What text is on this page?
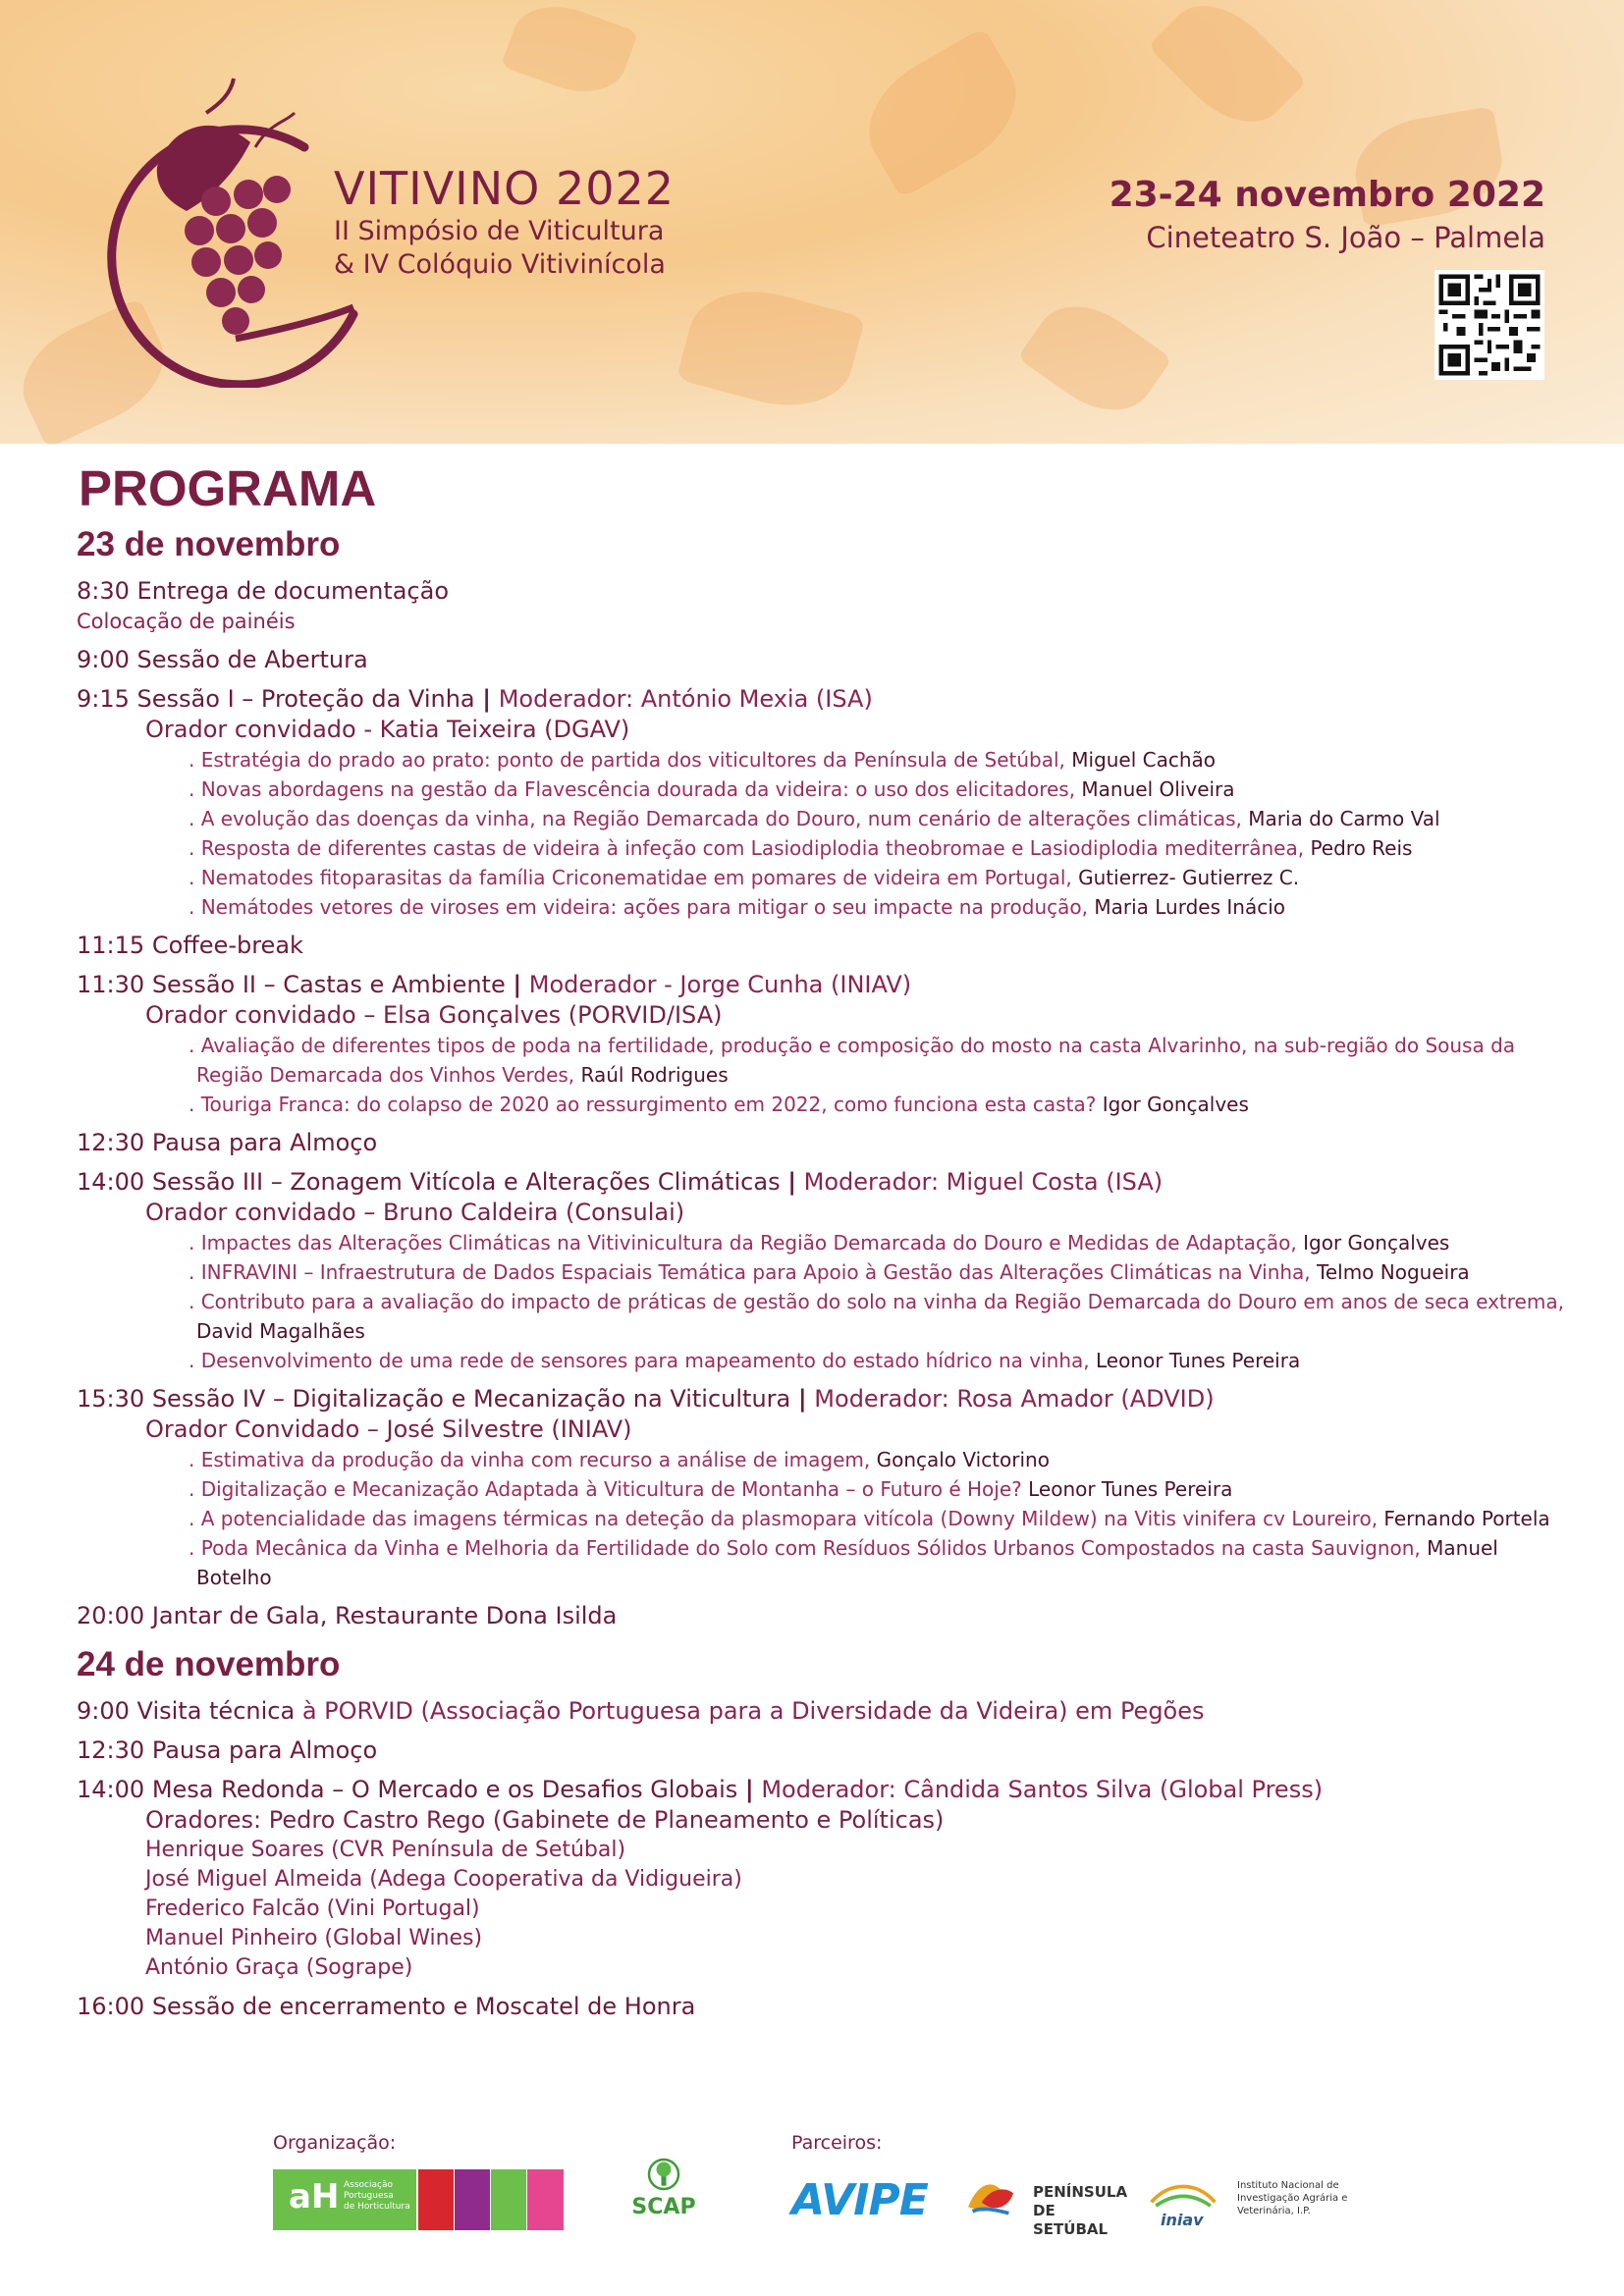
VITIVINO 2022
II Simpósio de Viticultura
& IV Colóquio Vitivinícola
23-24 novembro 2022
Cineteatro S. João – Palmela
PROGRAMA
23 de novembro
8:30 Entrega de documentação
Colocação de painéis
9:00 Sessão de Abertura
9:15 Sessão I – Proteção da Vinha | Moderador: António Mexia (ISA)
Orador convidado - Katia Teixeira (DGAV)
. Estratégia do prado ao prato: ponto de partida dos viticultores da Península de Setúbal, Miguel Cachão
. Novas abordagens na gestão da Flavescência dourada da videira: o uso dos elicitadores, Manuel Oliveira
. A evolução das doenças da vinha, na Região Demarcada do Douro, num cenário de alterações climáticas, Maria do Carmo Val
. Resposta de diferentes castas de videira à infeção com Lasiodiplodia theobromae e Lasiodiplodia mediterrânea, Pedro Reis
. Nematodes fitoparasitas da família Criconematidae em pomares de videira em Portugal, Gutierrez- Gutierrez C.
. Nemátodes vetores de viroses em videira: ações para mitigar o seu impacte na produção, Maria Lurdes Inácio
11:15 Coffee-break
11:30 Sessão II – Castas e Ambiente | Moderador - Jorge Cunha (INIAV)
Orador convidado – Elsa Gonçalves (PORVID/ISA)
. Avaliação de diferentes tipos de poda na fertilidade, produção e composição do mosto na casta Alvarinho, na sub-região do Sousa da Região Demarcada dos Vinhos Verdes, Raúl Rodrigues
. Touriga Franca: do colapso de 2020 ao ressurgimento em 2022, como funciona esta casta? Igor Gonçalves
12:30 Pausa para Almoço
14:00 Sessão III – Zonagem Vitícola e Alterações Climáticas | Moderador: Miguel Costa (ISA)
Orador convidado – Bruno Caldeira (Consulai)
. Impactes das Alterações Climáticas na Vitivinicultura da Região Demarcada do Douro e Medidas de Adaptação, Igor Gonçalves
. INFRAVINI – Infraestrutura de Dados Espaciais Temática para Apoio à Gestão das Alterações Climáticas na Vinha, Telmo Nogueira
. Contributo para a avaliação do impacto de práticas de gestão do solo na vinha da Região Demarcada do Douro em anos de seca extrema, David Magalhães
. Desenvolvimento de uma rede de sensores para mapeamento do estado hídrico na vinha, Leonor Tunes Pereira
15:30 Sessão IV – Digitalização e Mecanização na Viticultura | Moderador: Rosa Amador (ADVID)
Orador Convidado – José Silvestre (INIAV)
. Estimativa da produção da vinha com recurso a análise de imagem, Gonçalo Victorino
. Digitalização e Mecanização Adaptada à Viticultura de Montanha – o Futuro é Hoje? Leonor Tunes Pereira
. A potencialidade das imagens térmicas na deteção da plasmopara vitícola (Downy Mildew) na Vitis vinifera cv Loureiro, Fernando Portela
. Poda Mecânica da Vinha e Melhoria da Fertilidade do Solo com Resíduos Sólidos Urbanos Compostados na casta Sauvignon, Manuel Botelho
20:00 Jantar de Gala, Restaurante Dona Isilda
24 de novembro
9:00 Visita técnica à PORVID (Associação Portuguesa para a Diversidade da Videira) em Pegões
12:30 Pausa para Almoço
14:00 Mesa Redonda – O Mercado e os Desafios Globais | Moderador: Cândida Santos Silva (Global Press)
Oradores: Pedro Castro Rego (Gabinete de Planeamento e Políticas)
Henrique Soares (CVR Península de Setúbal)
José Miguel Almeida (Adega Cooperativa da Vidigueira)
Frederico Falcão (Vini Portugal)
Manuel Pinheiro (Global Wines)
António Graça (Sogrape)
16:00 Sessão de encerramento e Moscatel de Honra
Organização:	Parceiros:
aH Associação
Portuguesa
de Horticultura	SCAP AVIPE	PENÍNSULA
DE SETÚBAL	iniav
Instituto Nacional de
Investigação Agrária e
Veterinária, I.P.
